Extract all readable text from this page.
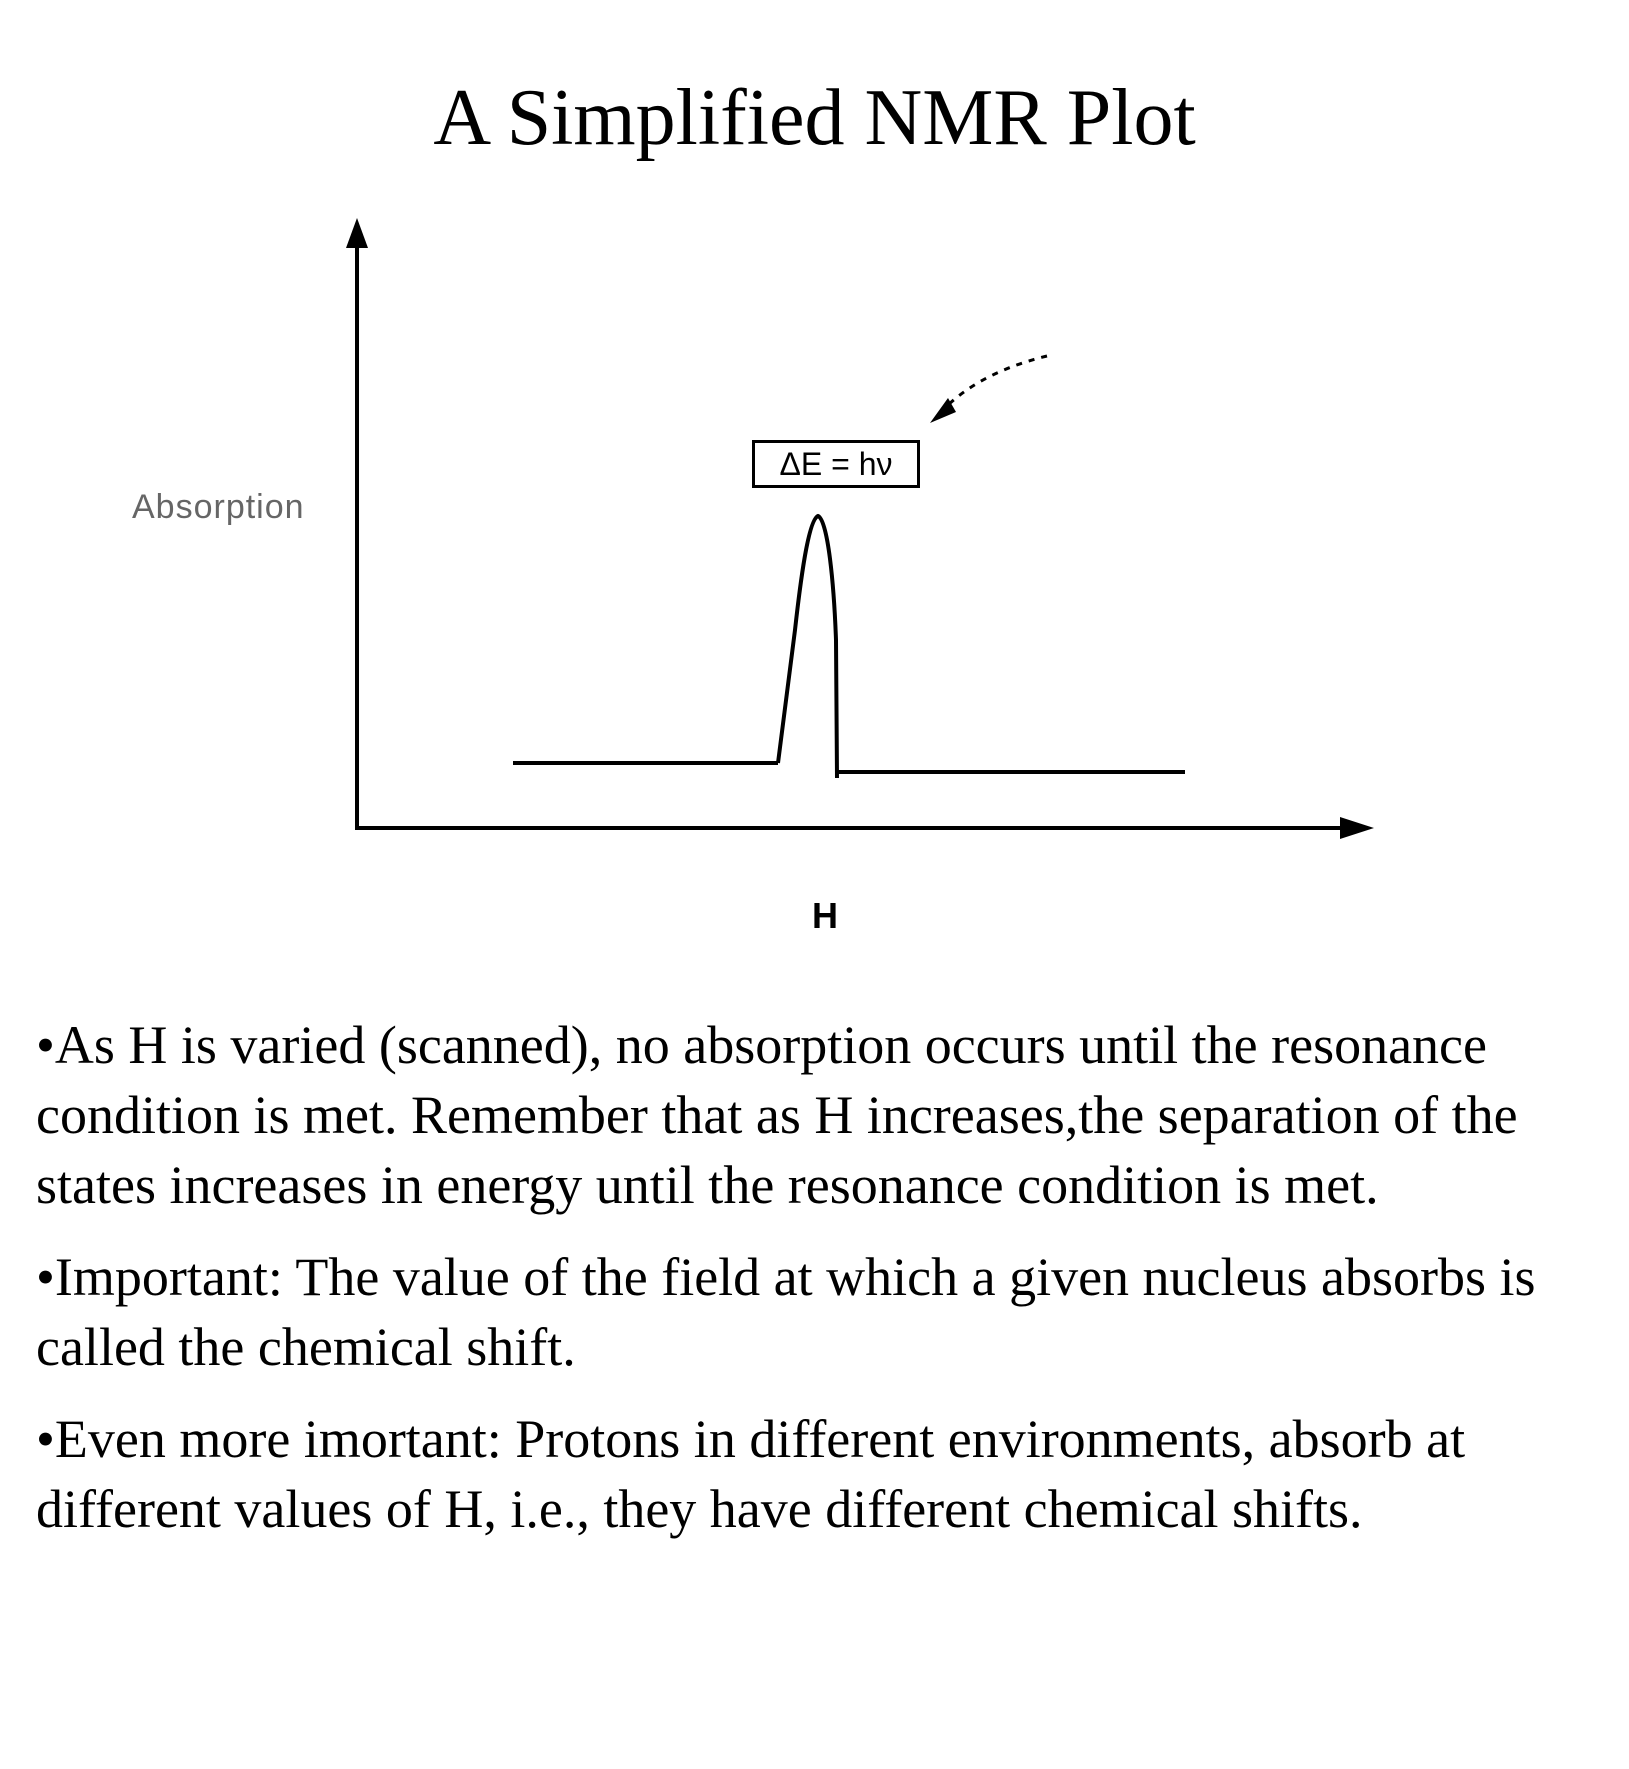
A Simplified NMR Plot
Absorption
H
ΔE = hν
•As H is varied (scanned), no absorption occurs until the resonance condition is met. Remember that as H increases,the separation of the states increases in energy until the resonance condition is met.
•Important: The value of the field at which a given nucleus absorbs is called the chemical shift.
•Even more imortant: Protons in different environments, absorb at different values of H, i.e., they have different chemical shifts.
